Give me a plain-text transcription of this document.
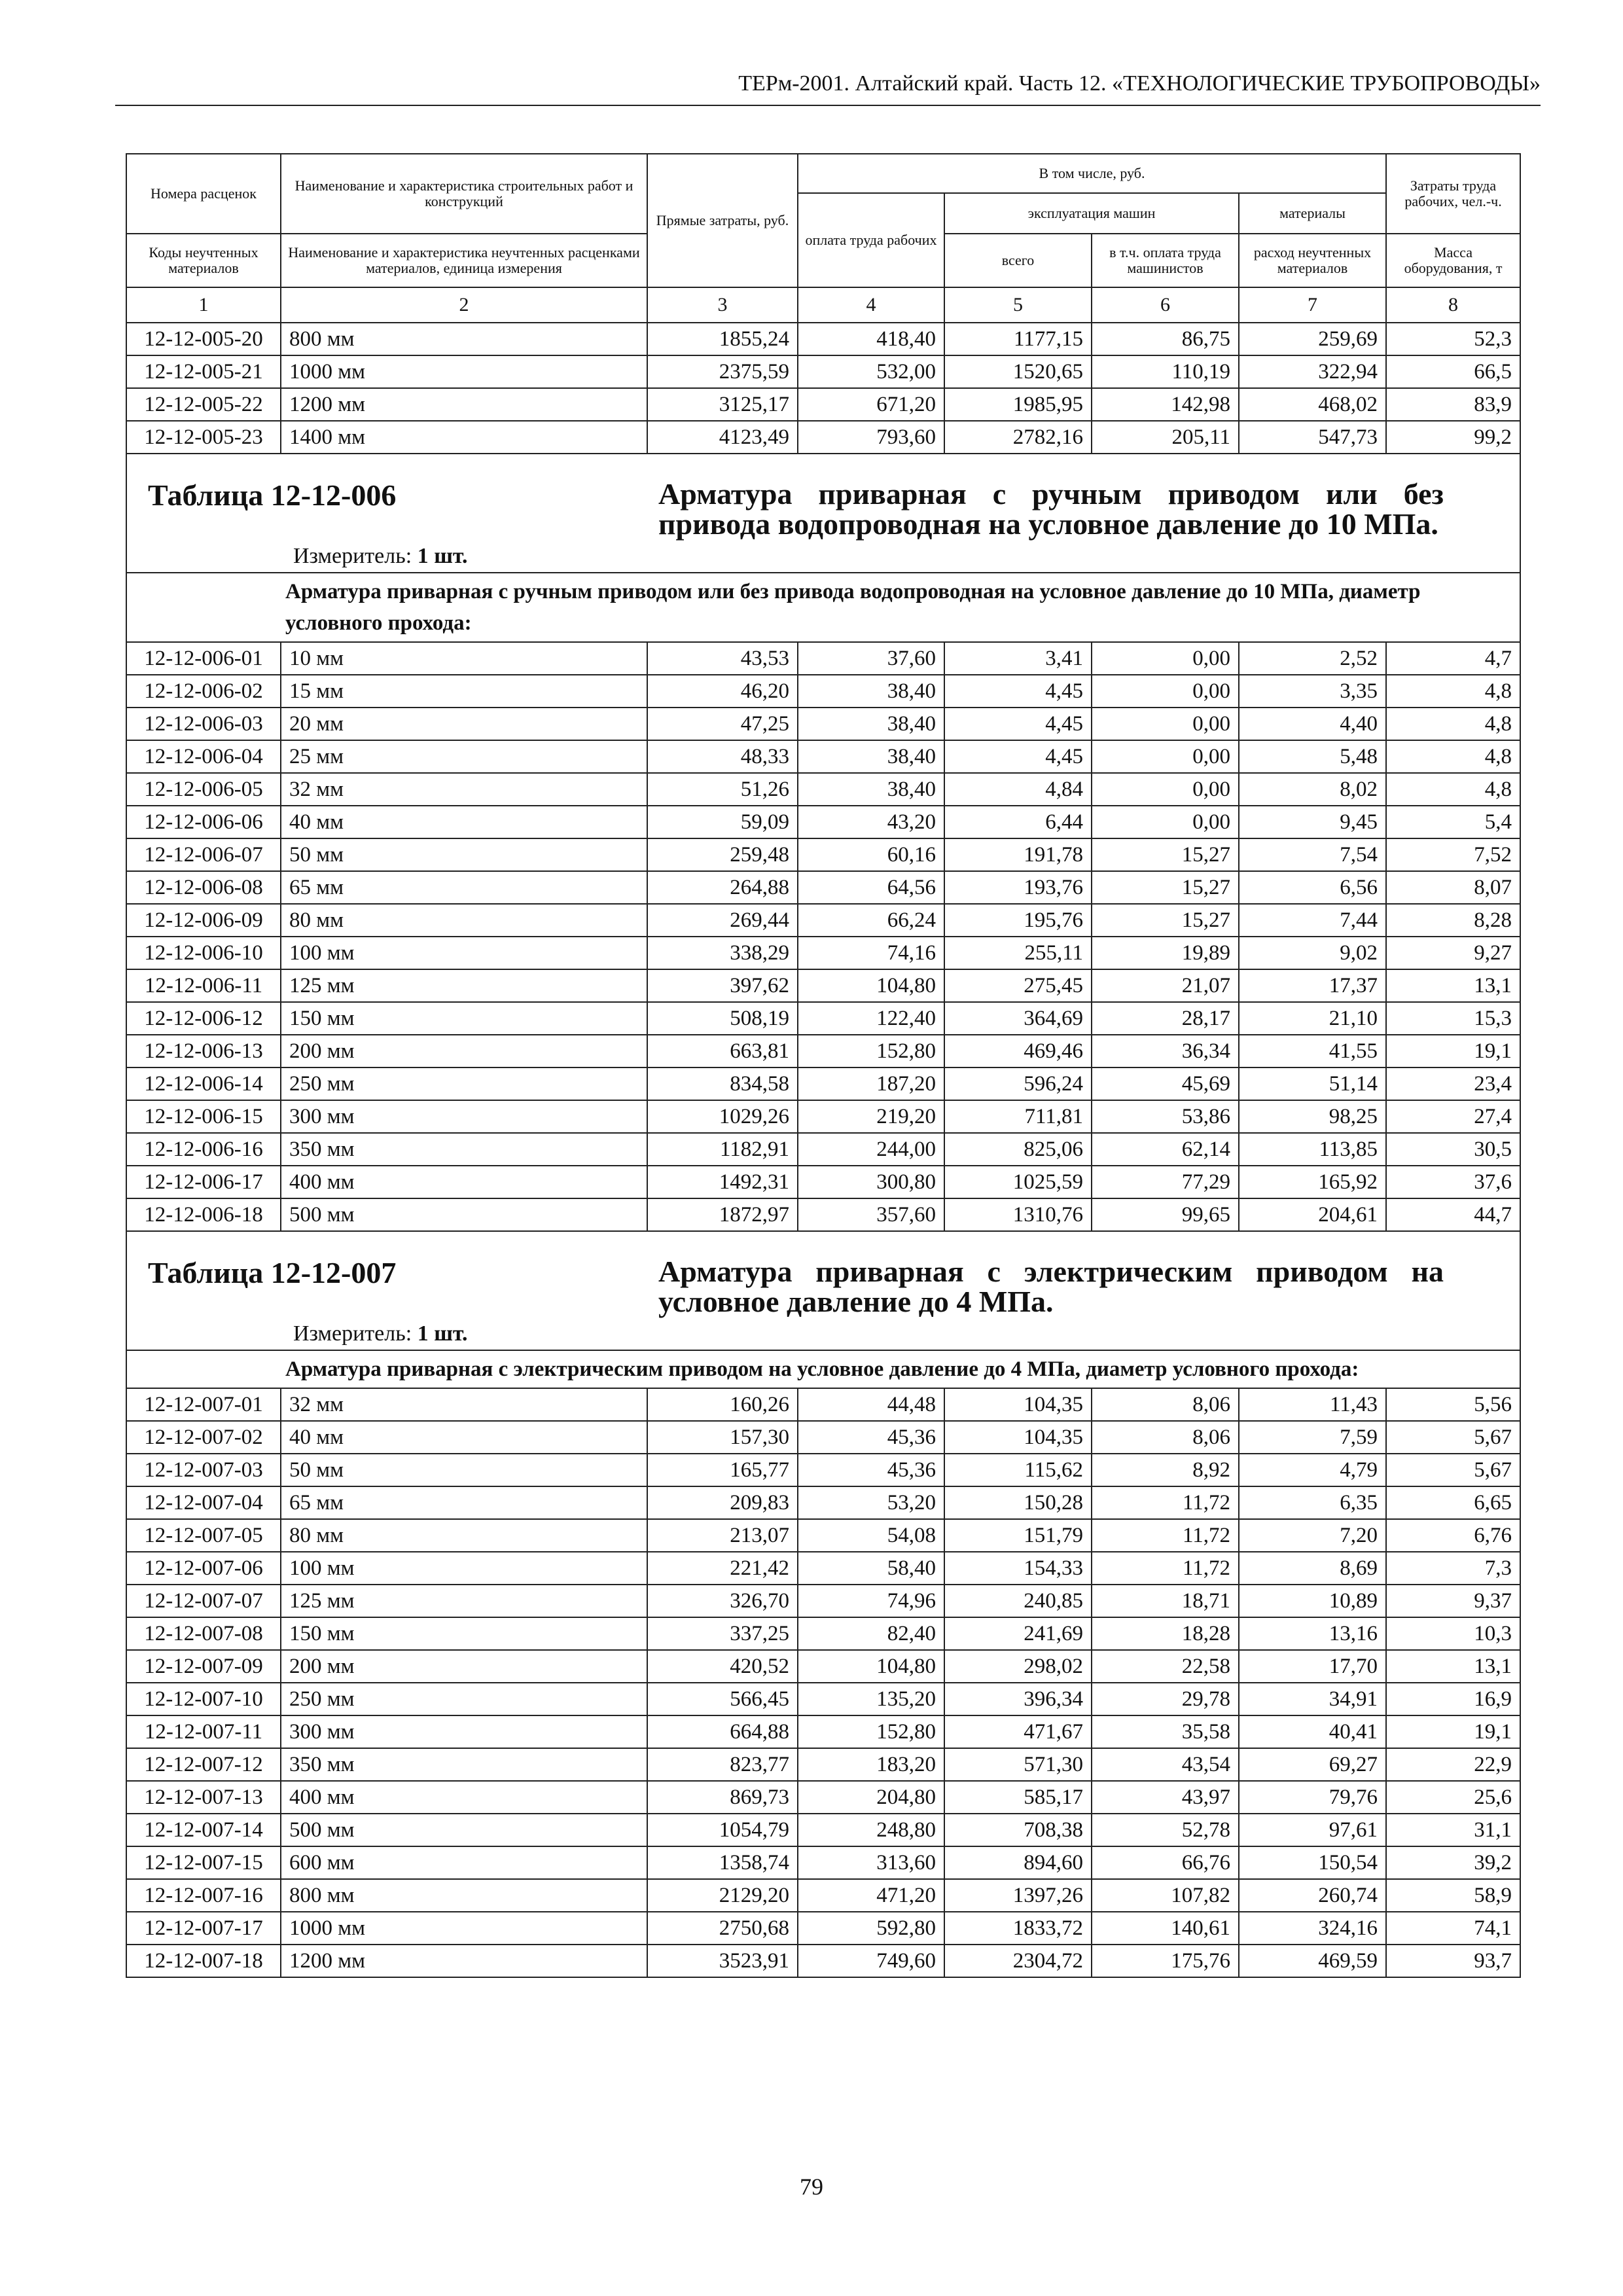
ТЕРм-2001. Алтайский край. Часть 12. «ТЕХНОЛОГИЧЕСКИЕ ТРУБОПРОВОДЫ»
Номера расценок	Наименование и характеристика строительных работ и конструкций	Прямые затраты, руб.	В том числе, руб.				Затраты труда рабочих, чел.-ч.
			оплата труда рабочих	эксплуатация машин		материалы	
Коды неучтенных материалов	Наименование и характеристика неучтенных расценками материалов, единица измерения			всего	в т.ч. оплата труда машинистов	расход неучтенных материалов	Масса оборудования, т
1	2	3	4	5	6	7	8
12-12-005-20	800 мм	1855,24	418,40	1177,15	86,75	259,69	52,3
12-12-005-21	1000 мм	2375,59	532,00	1520,65	110,19	322,94	66,5
12-12-005-22	1200 мм	3125,17	671,20	1985,95	142,98	468,02	83,9
12-12-005-23	1400 мм	4123,49	793,60	2782,16	205,11	547,73	99,2

Таблица 12-12-006 Арматура приварная с ручным приводом или без привода водопроводная на условное давление до 10 МПа.
Измеритель: 1 шт.							

Арматура приварная с ручным приводом или без привода водопроводная на условное давление до 10 МПа, диаметр условного прохода:							
12-12-006-01	10 мм	43,53	37,60	3,41	0,00	2,52	4,7
12-12-006-02	15 мм	46,20	38,40	4,45	0,00	3,35	4,8
12-12-006-03	20 мм	47,25	38,40	4,45	0,00	4,40	4,8
12-12-006-04	25 мм	48,33	38,40	4,45	0,00	5,48	4,8
12-12-006-05	32 мм	51,26	38,40	4,84	0,00	8,02	4,8
12-12-006-06	40 мм	59,09	43,20	6,44	0,00	9,45	5,4
12-12-006-07	50 мм	259,48	60,16	191,78	15,27	7,54	7,52
12-12-006-08	65 мм	264,88	64,56	193,76	15,27	6,56	8,07
12-12-006-09	80 мм	269,44	66,24	195,76	15,27	7,44	8,28
12-12-006-10	100 мм	338,29	74,16	255,11	19,89	9,02	9,27
12-12-006-11	125 мм	397,62	104,80	275,45	21,07	17,37	13,1
12-12-006-12	150 мм	508,19	122,40	364,69	28,17	21,10	15,3
12-12-006-13	200 мм	663,81	152,80	469,46	36,34	41,55	19,1
12-12-006-14	250 мм	834,58	187,20	596,24	45,69	51,14	23,4
12-12-006-15	300 мм	1029,26	219,20	711,81	53,86	98,25	27,4
12-12-006-16	350 мм	1182,91	244,00	825,06	62,14	113,85	30,5
12-12-006-17	400 мм	1492,31	300,80	1025,59	77,29	165,92	37,6
12-12-006-18	500 мм	1872,97	357,60	1310,76	99,65	204,61	44,7

Таблица 12-12-007 Арматура приварная с электрическим приводом на условное давление до 4 МПа.
Измеритель: 1 шт.							

Арматура приварная с электрическим приводом на условное давление до 4 МПа, диаметр условного прохода:							
12-12-007-01	32 мм	160,26	44,48	104,35	8,06	11,43	5,56
12-12-007-02	40 мм	157,30	45,36	104,35	8,06	7,59	5,67
12-12-007-03	50 мм	165,77	45,36	115,62	8,92	4,79	5,67
12-12-007-04	65 мм	209,83	53,20	150,28	11,72	6,35	6,65
12-12-007-05	80 мм	213,07	54,08	151,79	11,72	7,20	6,76
12-12-007-06	100 мм	221,42	58,40	154,33	11,72	8,69	7,3
12-12-007-07	125 мм	326,70	74,96	240,85	18,71	10,89	9,37
12-12-007-08	150 мм	337,25	82,40	241,69	18,28	13,16	10,3
12-12-007-09	200 мм	420,52	104,80	298,02	22,58	17,70	13,1
12-12-007-10	250 мм	566,45	135,20	396,34	29,78	34,91	16,9
12-12-007-11	300 мм	664,88	152,80	471,67	35,58	40,41	19,1
12-12-007-12	350 мм	823,77	183,20	571,30	43,54	69,27	22,9
12-12-007-13	400 мм	869,73	204,80	585,17	43,97	79,76	25,6
12-12-007-14	500 мм	1054,79	248,80	708,38	52,78	97,61	31,1
12-12-007-15	600 мм	1358,74	313,60	894,60	66,76	150,54	39,2
12-12-007-16	800 мм	2129,20	471,20	1397,26	107,82	260,74	58,9
12-12-007-17	1000 мм	2750,68	592,80	1833,72	140,61	324,16	74,1
12-12-007-18	1200 мм	3523,91	749,60	2304,72	175,76	469,59	93,7
79
